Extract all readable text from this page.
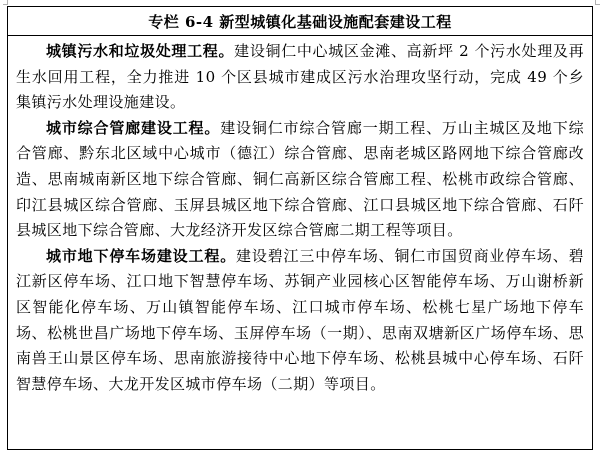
专栏 6-4 新型城镇化基础设施配套建设工程

城镇污水和垃圾处理工程。建设铜仁中心城区金滩、高新坪 2 个污水处理及再生水回用工程，全力推进 10 个区县城市建成区污水治理攻坚行动，完成 49 个乡集镇污水处理设施建设。

城市综合管廊建设工程。建设铜仁市综合管廊一期工程、万山主城区及地下综合管廊、黔东北区域中心城市（德江）综合管廊、思南老城区路网地下综合管廊改造、思南城南新区地下综合管廊、铜仁高新区综合管廊工程、松桃市政综合管廊、印江县城区综合管廊、玉屏县城区地下综合管廊、江口县城区地下综合管廊、石阡县城区地下综合管廊、大龙经济开发区综合管廊二期工程等项目。

城市地下停车场建设工程。建设碧江三中停车场、铜仁市国贸商业停车场、碧江新区停车场、江口地下智慧停车场、苏铜产业园核心区智能停车场、万山谢桥新区智能化停车场、万山镇智能停车场、江口城市停车场、松桃七星广场地下停车场、松桃世昌广场地下停车场、玉屏停车场（一期）、思南双塘新区广场停车场、思南兽王山景区停车场、思南旅游接待中心地下停车场、松桃县城中心停车场、石阡智慧停车场、大龙开发区城市停车场（二期）等项目。
